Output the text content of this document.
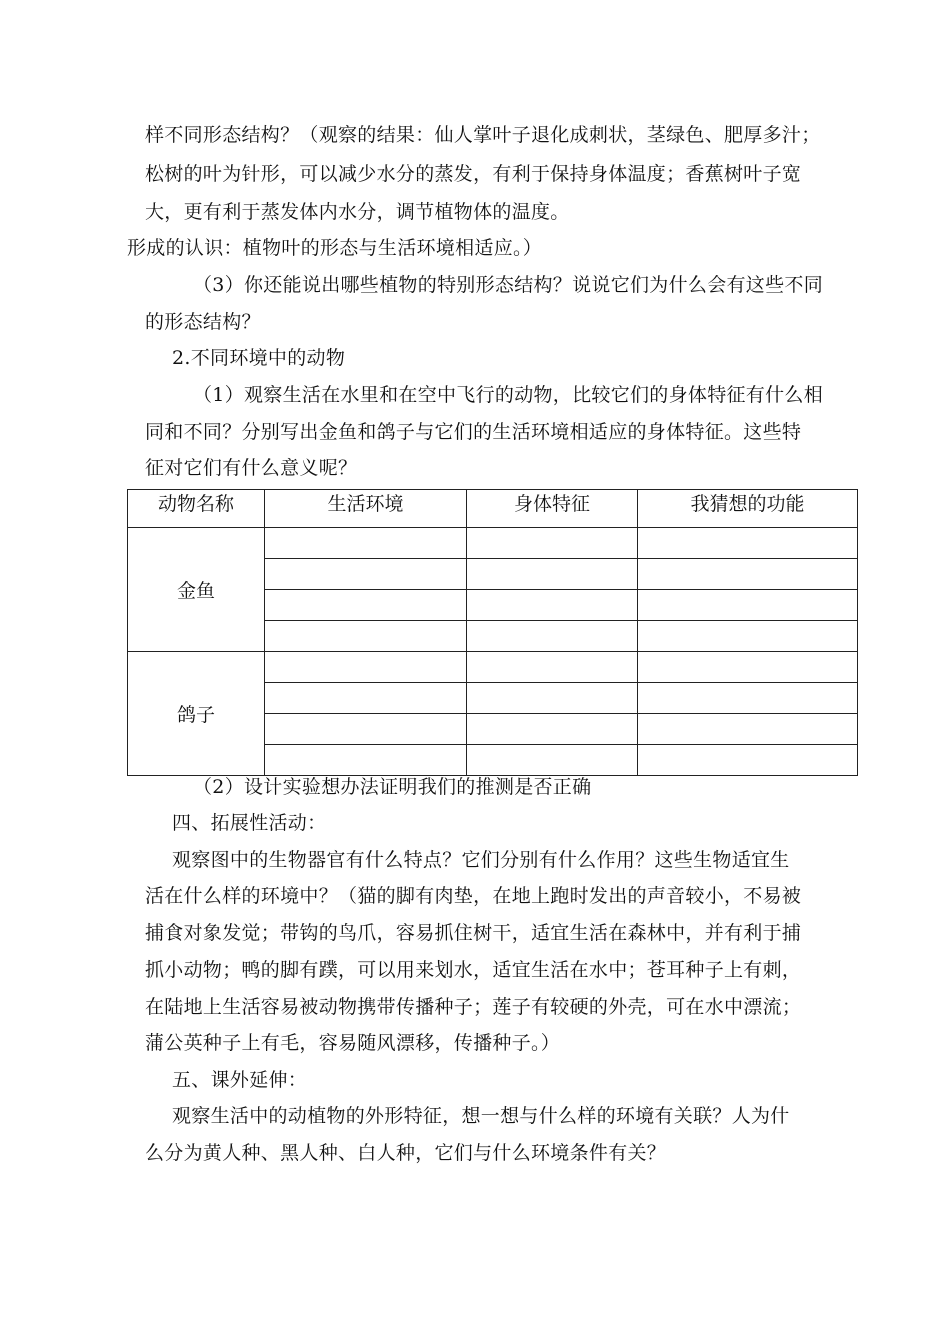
样不同形态结构？（观察的结果：仙人掌叶子退化成刺状，茎绿色、肥厚多汁；
松树的叶为针形，可以减少水分的蒸发，有利于保持身体温度；香蕉树叶子宽
大，更有利于蒸发体内水分，调节植物体的温度。
形成的认识：植物叶的形态与生活环境相适应。）
（3）你还能说出哪些植物的特别形态结构？说说它们为什么会有这些不同
的形态结构？
2.不同环境中的动物
（1）观察生活在水里和在空中飞行的动物，比较它们的身体特征有什么相
同和不同？分别写出金鱼和鸽子与它们的生活环境相适应的身体特征。这些特
征对它们有什么意义呢？
动物名称	生活环境	身体特征	我猜想的功能
金鱼			

鸽子			

（2）设计实验想办法证明我们的推测是否正确
四、拓展性活动：
观察图中的生物器官有什么特点？它们分别有什么作用？这些生物适宜生
活在什么样的环境中？（猫的脚有肉垫，在地上跑时发出的声音较小，不易被
捕食对象发觉；带钩的鸟爪，容易抓住树干，适宜生活在森林中，并有利于捕
抓小动物；鸭的脚有蹼，可以用来划水，适宜生活在水中；苍耳种子上有刺，
在陆地上生活容易被动物携带传播种子；莲子有较硬的外壳，可在水中漂流；
蒲公英种子上有毛，容易随风漂移，传播种子。）
五、课外延伸：
观察生活中的动植物的外形特征，想一想与什么样的环境有关联？人为什
么分为黄人种、黑人种、白人种，它们与什么环境条件有关？
